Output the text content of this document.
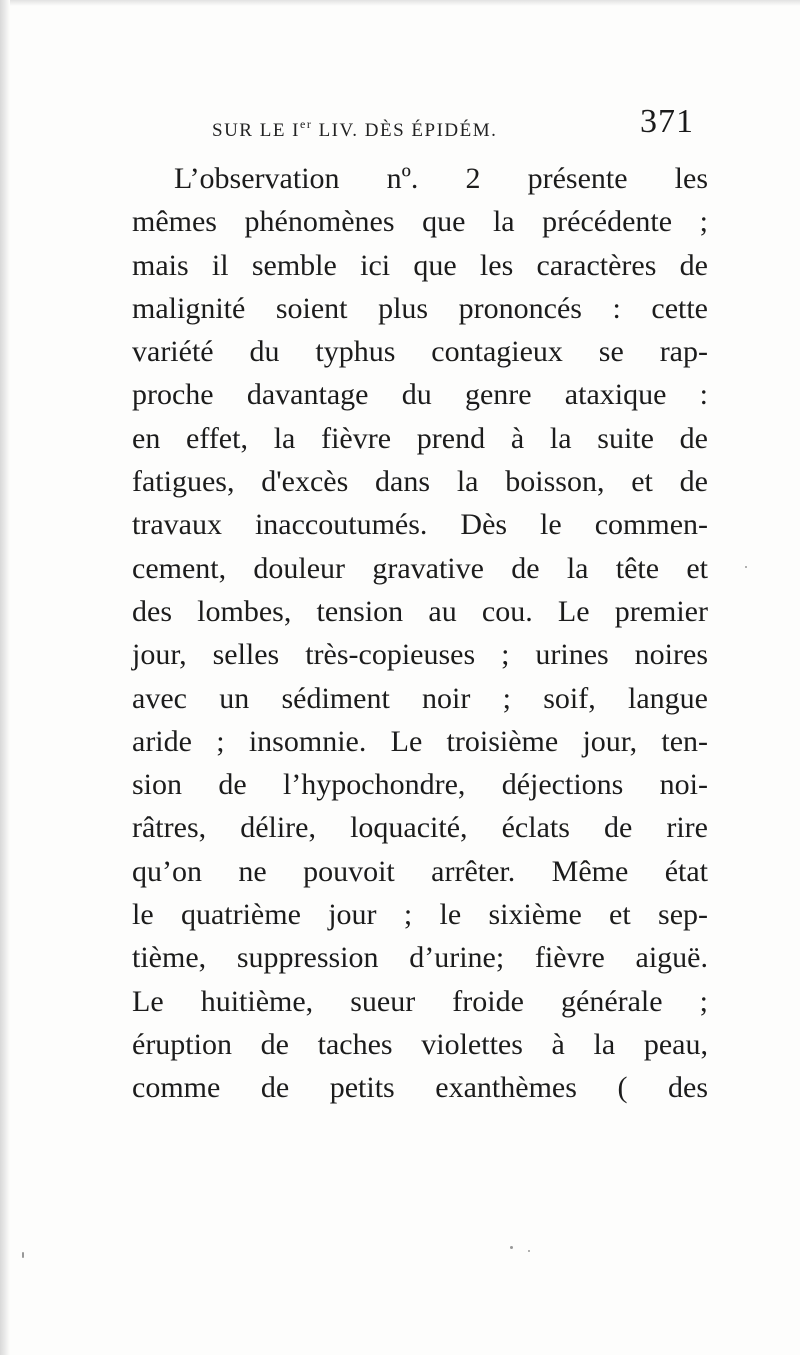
SUR LE Ier LIV. DÈS ÉPIDÉM.	371
L’observation nº. 2 présente les
mêmes phénomènes que la précédente ;
mais il semble ici que les caractères de
malignité soient plus prononcés : cette
variété du typhus contagieux se rap-
proche davantage du genre ataxique :
en effet, la fièvre prend à la suite de
fatigues, d'excès dans la boisson, et de
travaux inaccoutumés. Dès le commen-
cement, douleur gravative de la tête et
des lombes, tension au cou. Le premier
jour, selles très-copieuses ; urines noires
avec un sédiment noir ; soif, langue
aride ; insomnie. Le troisième jour, ten-
sion de l’hypochondre, déjections noi-
râtres, délire, loquacité, éclats de rire
qu’on ne pouvoit arrêter. Même état
le quatrième jour ; le sixième et sep-
tième, suppression d’urine; fièvre aiguë.
Le huitième, sueur froide générale ;
éruption de taches violettes à la peau,
comme de petits exanthèmes ( des
